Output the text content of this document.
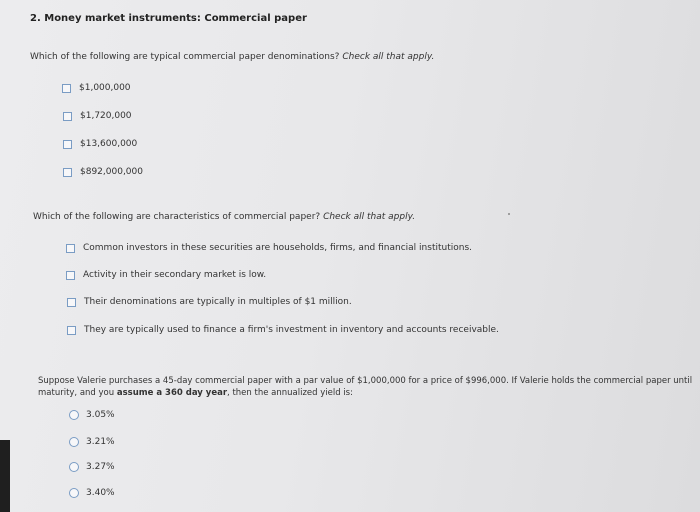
2. Money market instruments: Commercial paper
Which of the following are typical commercial paper denominations? Check all that apply.
$1,000,000
$1,720,000
$13,600,000
$892,000,000
Which of the following are characteristics of commercial paper? Check all that apply.
Common investors in these securities are households, firms, and financial institutions.
Activity in their secondary market is low.
Their denominations are typically in multiples of $1 million.
They are typically used to finance a firm's investment in inventory and accounts receivable.
Suppose Valerie purchases a 45-day commercial paper with a par value of $1,000,000 for a price of $996,000. If Valerie holds the commercial paper until maturity, and you assume a 360 day year, then the annualized yield is:
3.05%
3.21%
3.27%
3.40%
